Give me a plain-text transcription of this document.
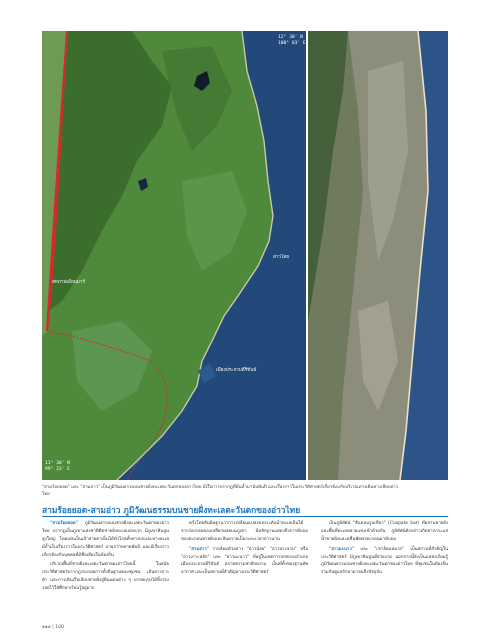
12° 30' N
100° 03' E
อ่าวไทย
เมืองประจวบคีรีขันธ์
สหภาพเมียนมาร์
11° 30' N
99° 23' E
"สามร้อยยอด" และ "สามอ่าว" เป็นภูมิวัฒนธรรมบนชายฝั่งทะเลตะวันตกของอ่าวไทย มีเรือการปรากฏที่มีนล้ำมานับพันปี และเรื่องราวในประวัติศาสตร์เกี่ยวข้องกับบริเวณทางเดินทางเลียบอ่าวไทย
สามร้อยยอด-สามอ่าว ภูมิวัฒนธรรมบนชายฝั่งทะเลตะวันตกของอ่าวไทย

"สามร้อยยอด" ภูมิวัฒนธรรมบนชายฝั่งทะเลตะวันตกของอ่าวไทย ปรากฏเป็นภูเขาแห่งชาติติดชายฝั่งทะเลแห่งแรก มีภูเขาหินปูนสูงใหญ่ โดดเด่นเป็นเป้าสายตาเห็นได้ทั่วไกลทั้งทางบกและทางทะเล มีถ้ำเก็บเรื่องราวในประวัติศาสตร์ อายุกว่าหลายพันปี และมีเรื่องราวเกี่ยวข้องกับบุคคลที่มีชื่อเสียงในท้องถิ่น

บริเวณพื้นที่ชายฝั่งทะเลตะวันตกของอ่าวไทยนี้ ในสมัยประวัติศาสตร์ปรากฏร่องรอยการตั้งถิ่นฐานของชุมชน เส้นทางการค้า และการเดินเรือเลียบชายฝั่งสู่ดินแดนต่าง ๆ บรรพบุรุษได้ทิ้งร่องรอยไว้ให้ศึกษาเรียนรู้อยู่มาก

ครั้งโดยสันนิษฐานว่าการเปลี่ยนแปลงของระดับน้ำทะเลเห็นได้จากร่องรอยของเปลือกหอยบนภูเขา มีหลักฐานแสดงถึงการทับถมของตะกอนชายฝั่งและสันทรายเป็นระยะเวลายาวนาน

"สามอ่าว" รายล้อมด้วยอ่าว "อ่าวน้อย" "อ่าวประจวบ" หรือ "อ่าวเกาะหลัก" และ "อ่าวมะนาว" ที่อยู่ในเขตการปกครองอำเภอเมืองประจวบคีรีขันธ์ สภาพธรรมชาติงดงาม เป็นที่ตั้งของฐานทัพอากาศ และเป็นสถานที่สำคัญทางประวัติศาสตร์

เป็นภูมิทัศน์ "สันดอนรูปเขี้ยว" (Cuspate bar) ที่ผสานชายฝั่งและพื้นที่ทะเลหลายแห่งเข้าด้วยกัน ภูมิทัศน์ดังกล่าวเกิดจากกระแสน้ำชายฝั่งและคลื่นพัดพาตะกอนมาทับถม

"อ่าวมะนาว" และ "เขาล้อมหมวก" เป็นสถานที่สำคัญในประวัติศาสตร์ มีภูเขาหินปูนที่สวยงาม นอกจากนี้ยังเป็นแหล่งเรียนรู้ภูมิวัฒนธรรมบนชายฝั่งทะเลตะวันตกของอ่าวไทย ที่ชุมชนในท้องถิ่นร่วมกันดูแลรักษามาจนถึงปัจจุบัน

๑๑๑ | 100
